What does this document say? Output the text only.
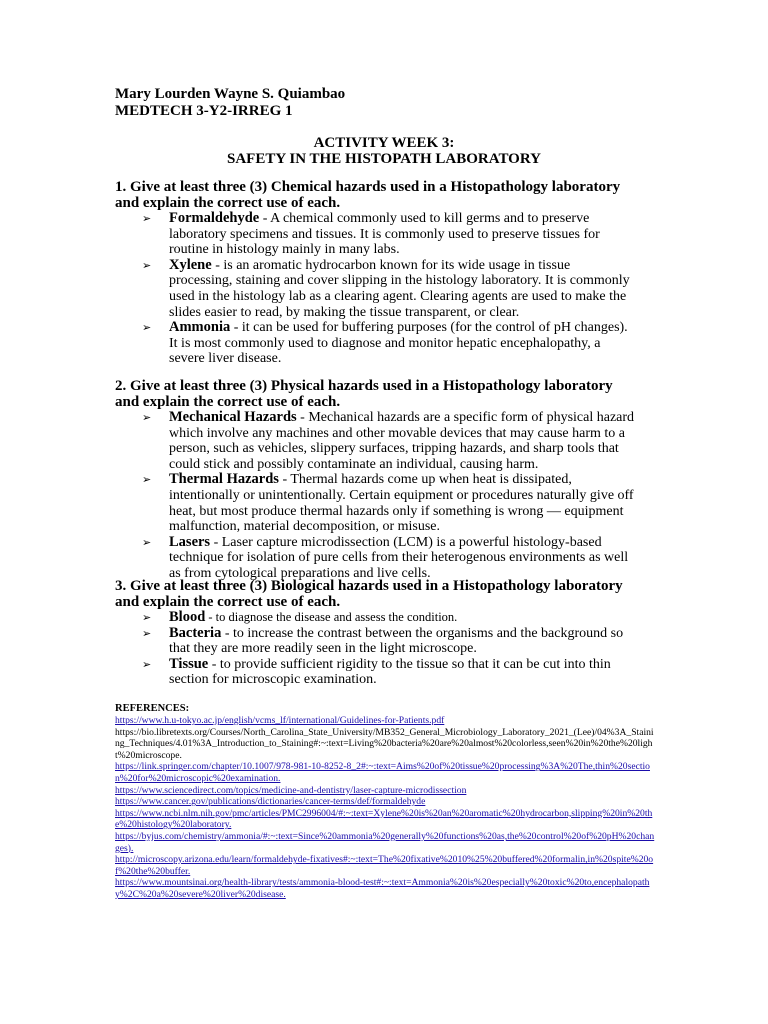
Mary Lourden Wayne S. Quiambao
MEDTECH 3-Y2-IRREG 1
ACTIVITY WEEK 3:
SAFETY IN THE HISTOPATH LABORATORY
1. Give at least three (3) Chemical hazards used in a Histopathology laboratory and explain the correct use of each.
➢ Formaldehyde - A chemical commonly used to kill germs and to preserve laboratory specimens and tissues. It is commonly used to preserve tissues for routine in histology mainly in many labs.
➢ Xylene - is an aromatic hydrocarbon known for its wide usage in tissue processing, staining and cover slipping in the histology laboratory. It is commonly used in the histology lab as a clearing agent. Clearing agents are used to make the slides easier to read, by making the tissue transparent, or clear.
➢ Ammonia - it can be used for buffering purposes (for the control of pH changes). It is most commonly used to diagnose and monitor hepatic encephalopathy, a severe liver disease.
2. Give at least three (3) Physical hazards used in a Histopathology laboratory and explain the correct use of each.
➢ Mechanical Hazards - Mechanical hazards are a specific form of physical hazard which involve any machines and other movable devices that may cause harm to a person, such as vehicles, slippery surfaces, tripping hazards, and sharp tools that could stick and possibly contaminate an individual, causing harm.
➢ Thermal Hazards - Thermal hazards come up when heat is dissipated, intentionally or unintentionally. Certain equipment or procedures naturally give off heat, but most produce thermal hazards only if something is wrong — equipment malfunction, material decomposition, or misuse.
➢ Lasers - Laser capture microdissection (LCM) is a powerful histology-based technique for isolation of pure cells from their heterogenous environments as well as from cytological preparations and live cells.
3. Give at least three (3) Biological hazards used in a Histopathology laboratory and explain the correct use of each.
➢ Blood - to diagnose the disease and assess the condition.
➢ Bacteria - to increase the contrast between the organisms and the background so that they are more readily seen in the light microscope.
➢ Tissue - to provide sufficient rigidity to the tissue so that it can be cut into thin section for microscopic examination.
REFERENCES:

https://www.h.u-tokyo.ac.jp/english/vcms_lf/international/Guidelines-for-Patients.pdf

https://bio.libretexts.org/Courses/North_Carolina_State_University/MB352_General_Microbiology_Laboratory_2021_(Lee)/04%3A_Staining_Techniques/4.01%3A_Introduction_to_Staining#:~:text=Living%20bacteria%20are%20almost%20colorless,seen%20in%20the%20light%20microscope.

https://link.springer.com/chapter/10.1007/978-981-10-8252-8_2#:~:text=Aims%20of%20tissue%20processing%3A%20The,thin%20section%20for%20microscopic%20examination.

https://www.sciencedirect.com/topics/medicine-and-dentistry/laser-capture-microdissection

https://www.cancer.gov/publications/dictionaries/cancer-terms/def/formaldehyde

https://www.ncbi.nlm.nih.gov/pmc/articles/PMC2996004/#:~:text=Xylene%20is%20an%20aromatic%20hydrocarbon,slipping%20in%20the%20histology%20laboratory.

https://byjus.com/chemistry/ammonia/#:~:text=Since%20ammonia%20generally%20functions%20as,the%20control%20of%20pH%20changes).

http://microscopy.arizona.edu/learn/formaldehyde-fixatives#:~:text=The%20fixative%2010%25%20buffered%20formalin,in%20spite%20of%20the%20buffer.

https://www.mountsinai.org/health-library/tests/ammonia-blood-test#:~:text=Ammonia%20is%20especially%20toxic%20to,encephalopathy%2C%20a%20severe%20liver%20disease.
